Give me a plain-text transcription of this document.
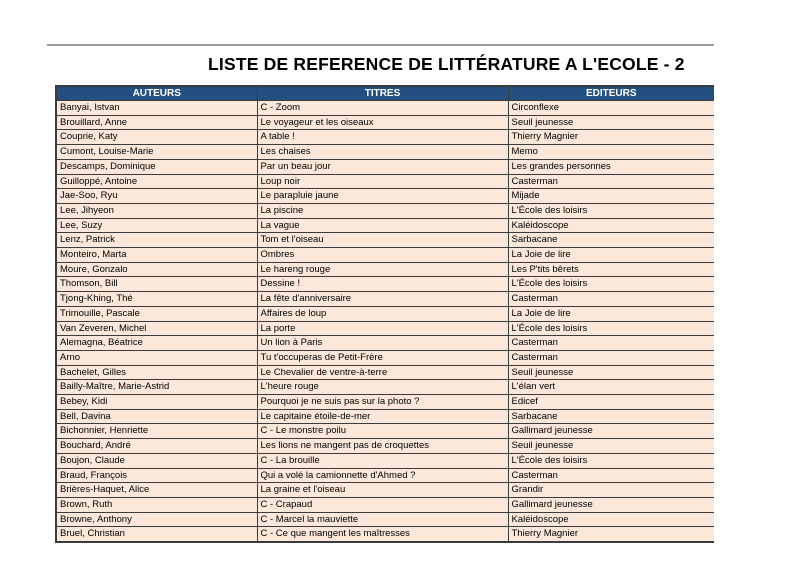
LISTE DE REFERENCE DE LITTÉRATURE A L'ECOLE - 2
AUTEURS	TITRES	EDITEURS
Banyai, Istvan	C - Zoom	Circonflexe
Brouillard, Anne	Le voyageur et les oiseaux	Seuil jeunesse
Couprie, Katy	A table !	Thierry Magnier
Cumont, Louise-Marie	Les chaises	Memo
Descamps, Dominique	Par un beau jour	Les grandes personnes
Guilloppé, Antoine	Loup noir	Casterman
Jae-Soo, Ryu	Le parapluie jaune	Mijade
Lee, Jihyeon	La piscine	L'École des loisirs
Lee, Suzy	La vague	Kaléidoscope
Lenz, Patrick	Tom et l'oiseau	Sarbacane
Monteiro, Marta	Ombres	La Joie de lire
Moure, Gonzalo	Le hareng rouge	Les P'tits bêrets
Thomson, Bill	Dessine !	L'École des loisirs
Tjong-Khing, Thé	La fête d'anniversaire	Casterman
Trimouille, Pascale	Affaires de loup	La Joie de lire
Van Zeveren, Michel	La porte	L'École des loisirs
Alemagna, Béatrice	Un lion à Paris	Casterman
Arno	Tu t'occuperas de Petit-Frère	Casterman
Bachelet, Gilles	Le Chevalier de ventre-à-terre	Seuil jeunesse
Bailly-Maître, Marie-Astrid	L'heure rouge	L'élan vert
Bebey, Kidi	Pourquoi je ne suis pas sur la photo ?	Edicef
Bell, Davina	Le capitaine étoile-de-mer	Sarbacane
Bichonnier, Henriette	C - Le monstre poilu	Gallimard jeunesse
Bouchard, André	Les lions ne mangent pas de croquettes	Seuil jeunesse
Boujon, Claude	C - La brouille	L'École des loisirs
Braud, François	Qui a volé la camionnette d'Ahmed ?	Casterman
Brières-Haquet, Alice	La graine et l'oiseau	Grandir
Brown, Ruth	C - Crapaud	Gallimard jeunesse
Browne, Anthony	C - Marcel la mauviette	Kaléidoscope
Bruel, Christian	C - Ce que mangent les maîtresses	Thierry Magnier
